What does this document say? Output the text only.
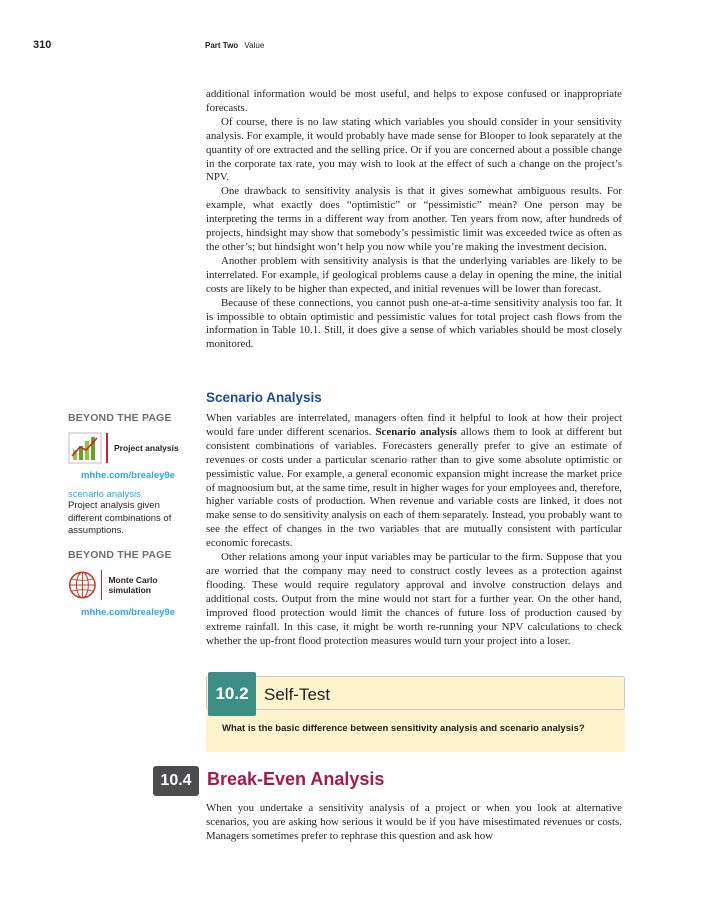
310	Part Two Value

additional information would be most useful, and helps to expose confused or inappropriate forecasts.

Of course, there is no law stating which variables you should consider in your sensitivity analysis. For example, it would probably have made sense for Blooper to look separately at the quantity of ore extracted and the selling price. Or if you are concerned about a possible change in the corporate tax rate, you may wish to look at the effect of such a change on the project’s NPV.

One drawback to sensitivity analysis is that it gives somewhat ambiguous results. For example, what exactly does “optimistic” or “pessimistic” mean? One person may be interpreting the terms in a different way from another. Ten years from now, after hundreds of projects, hindsight may show that somebody’s pessimistic limit was exceeded twice as often as the other’s; but hindsight won’t help you now while you’re making the investment decision.

Another problem with sensitivity analysis is that the underlying variables are likely to be interrelated. For example, if geological problems cause a delay in opening the mine, the initial costs are likely to be higher than expected, and initial revenues will be lower than forecast.

Because of these connections, you cannot push one-at-a-time sensitivity analysis too far. It is impossible to obtain optimistic and pessimistic values for total project cash flows from the information in Table 10.1. Still, it does give a sense of which variables should be most closely monitored.

Scenario Analysis

When variables are interrelated, managers often find it helpful to look at how their project would fare under different scenarios. Scenario analysis allows them to look at different but consistent combinations of variables. Forecasters generally prefer to give an estimate of revenues or costs under a particular scenario rather than to give some absolute optimistic or pessimistic value. For example, a general economic expansion might increase the market price of magnoosium but, at the same time, result in higher wages for your employees and, therefore, higher variable costs of production. When revenue and variable costs are linked, it does not make sense to do sensitivity analysis on each of them separately. Instead, you probably want to see the effect of changes in the two variables that are mutually consistent with particular economic forecasts.

Other relations among your input variables may be particular to the firm. Suppose that you are worried that the company may need to construct costly levees as a protection against flooding. These would require regulatory approval and involve construction delays and additional costs. Output from the mine would not start for a further year. On the other hand, improved flood protection would limit the chances of future loss of production caused by extreme rainfall. In this case, it might be worth re-running your NPV calculations to check whether the up-front flood protection measures would turn your project into a loser.

BEYOND THE PAGE
Project analysis
mhhe.com/brealey9e
scenario analysis
Project analysis given different combinations of assumptions.
BEYOND THE PAGE
Monte Carlo simulation
mhhe.com/brealey9e
10.2 Self-Test
What is the basic difference between sensitivity analysis and scenario analysis?
10.4 Break-Even Analysis

When you undertake a sensitivity analysis of a project or when you look at alternative scenarios, you are asking how serious it would be if you have misestimated revenues or costs. Managers sometimes prefer to rephrase this question and ask how
